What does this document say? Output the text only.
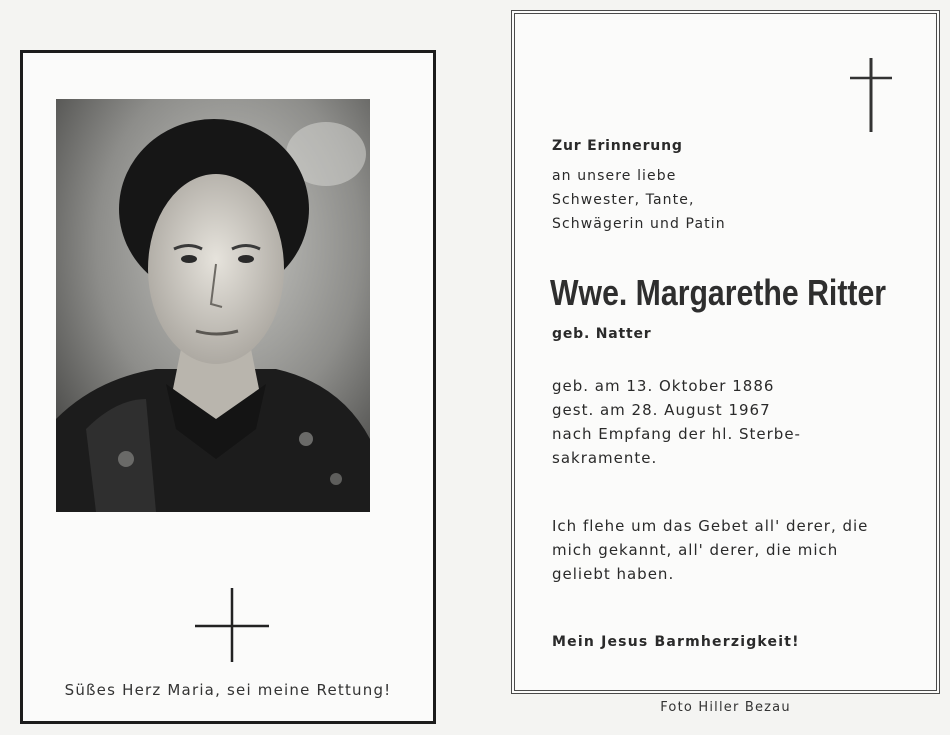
Süßes Herz Maria, sei meine Rettung!
Zur Erinnerung
an unsere liebe
Schwester, Tante,
Schwägerin und Patin
Wwe. Margarethe Ritter
geb. Natter
geb. am 13. Oktober 1886
gest. am 28. August 1967
nach Empfang der hl. Sterbe-
sakramente.
Ich flehe um das Gebet all' derer, die
mich gekannt, all' derer, die mich
geliebt haben.
Mein Jesus Barmherzigkeit!
Foto Hiller Bezau
